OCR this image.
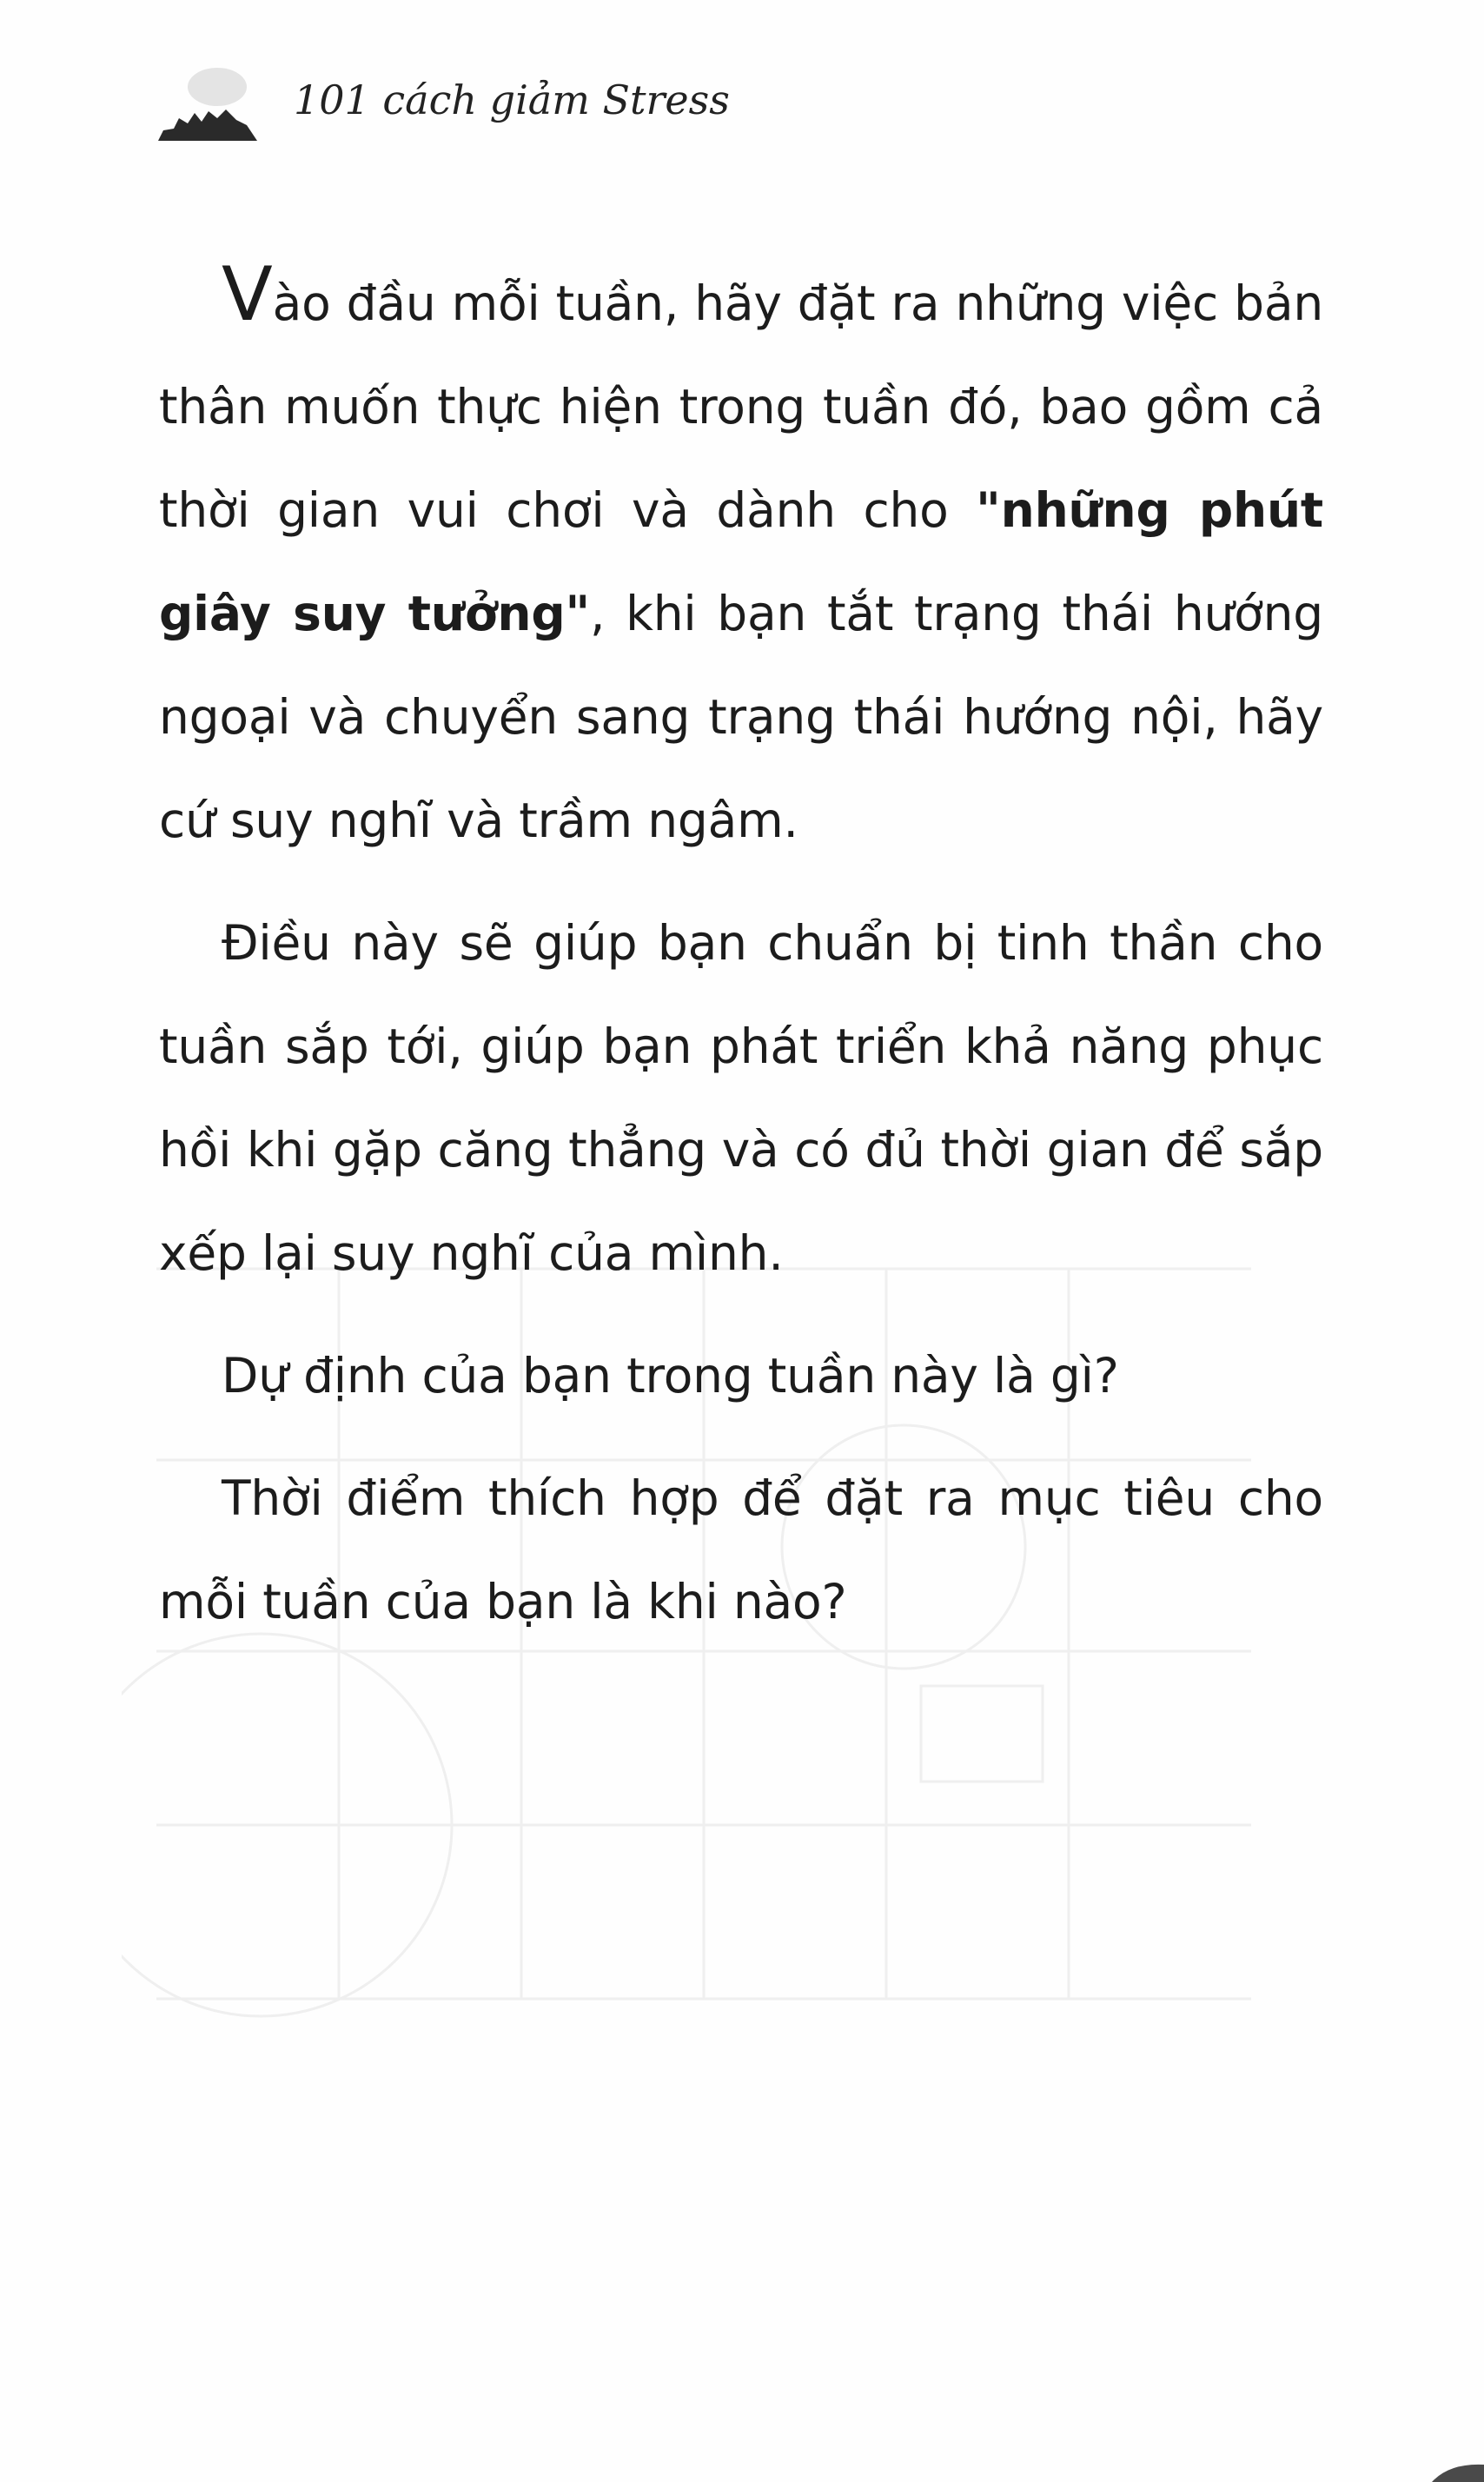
101 cách giảm Stress

Vào đầu mỗi tuần, hãy đặt ra những việc bản thân muốn thực hiện trong tuần đó, bao gồm cả thời gian vui chơi và dành cho "những phút giây suy tưởng", khi bạn tắt trạng thái hướng ngoại và chuyển sang trạng thái hướng nội, hãy cứ suy nghĩ và trầm ngâm.

Điều này sẽ giúp bạn chuẩn bị tinh thần cho tuần sắp tới, giúp bạn phát triển khả năng phục hồi khi gặp căng thẳng và có đủ thời gian để sắp xếp lại suy nghĩ của mình.

Dự định của bạn trong tuần này là gì?

Thời điểm thích hợp để đặt ra mục tiêu cho mỗi tuần của bạn là khi nào?
